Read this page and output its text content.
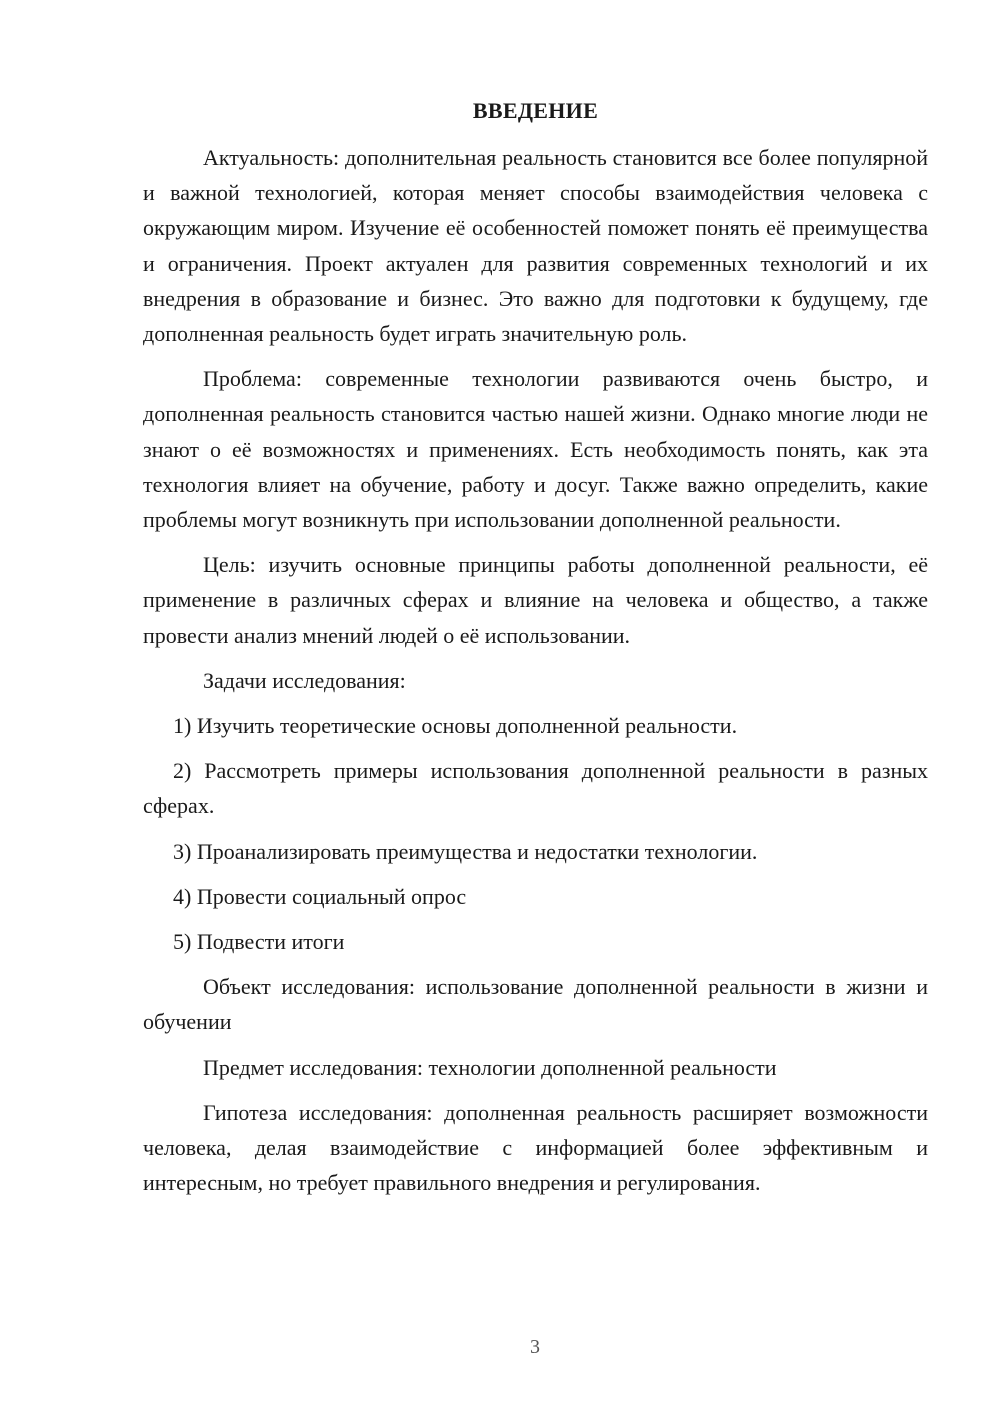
ВВЕДЕНИЕ

Актуальность: дополнительная реальность становится все более популярной и важной технологией, которая меняет способы взаимодействия человека с окружающим миром. Изучение её особенностей поможет понять её преимущества и ограничения. Проект актуален для развития современных технологий и их внедрения в образование и бизнес. Это важно для подготовки к будущему, где дополненная реальность будет играть значительную роль.

Проблема: современные технологии развиваются очень быстро, и дополненная реальность становится частью нашей жизни. Однако многие люди не знают о её возможностях и применениях. Есть необходимость понять, как эта технология влияет на обучение, работу и досуг. Также важно определить, какие проблемы могут возникнуть при использовании дополненной реальности.

Цель: изучить основные принципы работы дополненной реальности, её применение в различных сферах и влияние на человека и общество, а также провести анализ мнений людей о её использовании.

Задачи исследования:

1) Изучить теоретические основы дополненной реальности.

2) Рассмотреть примеры использования дополненной реальности в разных сферах.

3) Проанализировать преимущества и недостатки технологии.

4) Провести социальный опрос

5) Подвести итоги

Объект исследования: использование дополненной реальности в жизни и обучении

Предмет исследования: технологии дополненной реальности

Гипотеза исследования: дополненная реальность расширяет возможности человека, делая взаимодействие с информацией более эффективным и интересным, но требует правильного внедрения и регулирования.

3
